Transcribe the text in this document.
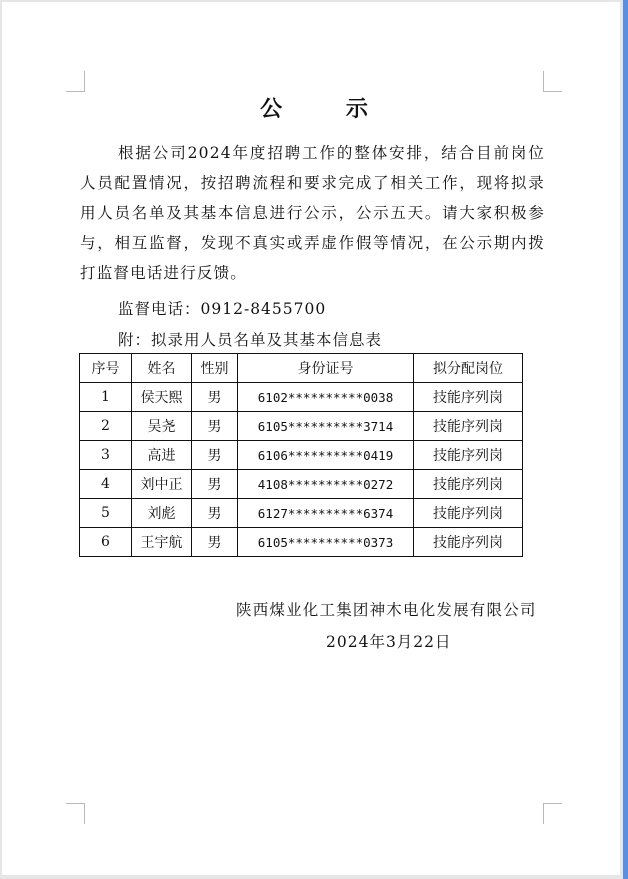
公 示
根据公司2024年度招聘工作的整体安排，结合目前岗位人员配置情况，按招聘流程和要求完成了相关工作，现将拟录用人员名单及其基本信息进行公示，公示五天。请大家积极参与，相互监督，发现不真实或弄虚作假等情况，在公示期内拨打监督电话进行反馈。
监督电话：0912-8455700
附：拟录用人员名单及其基本信息表
序号	姓名	性别	身份证号	拟分配岗位
1	侯天熙	男	6102**********0038	技能序列岗
2	吴尧	男	6105**********3714	技能序列岗
3	高进	男	6106**********0419	技能序列岗
4	刘中正	男	4108**********0272	技能序列岗
5	刘彪	男	6127**********6374	技能序列岗
6	王宇航	男	6105**********0373	技能序列岗
陕西煤业化工集团神木电化发展有限公司
2024年3月22日
